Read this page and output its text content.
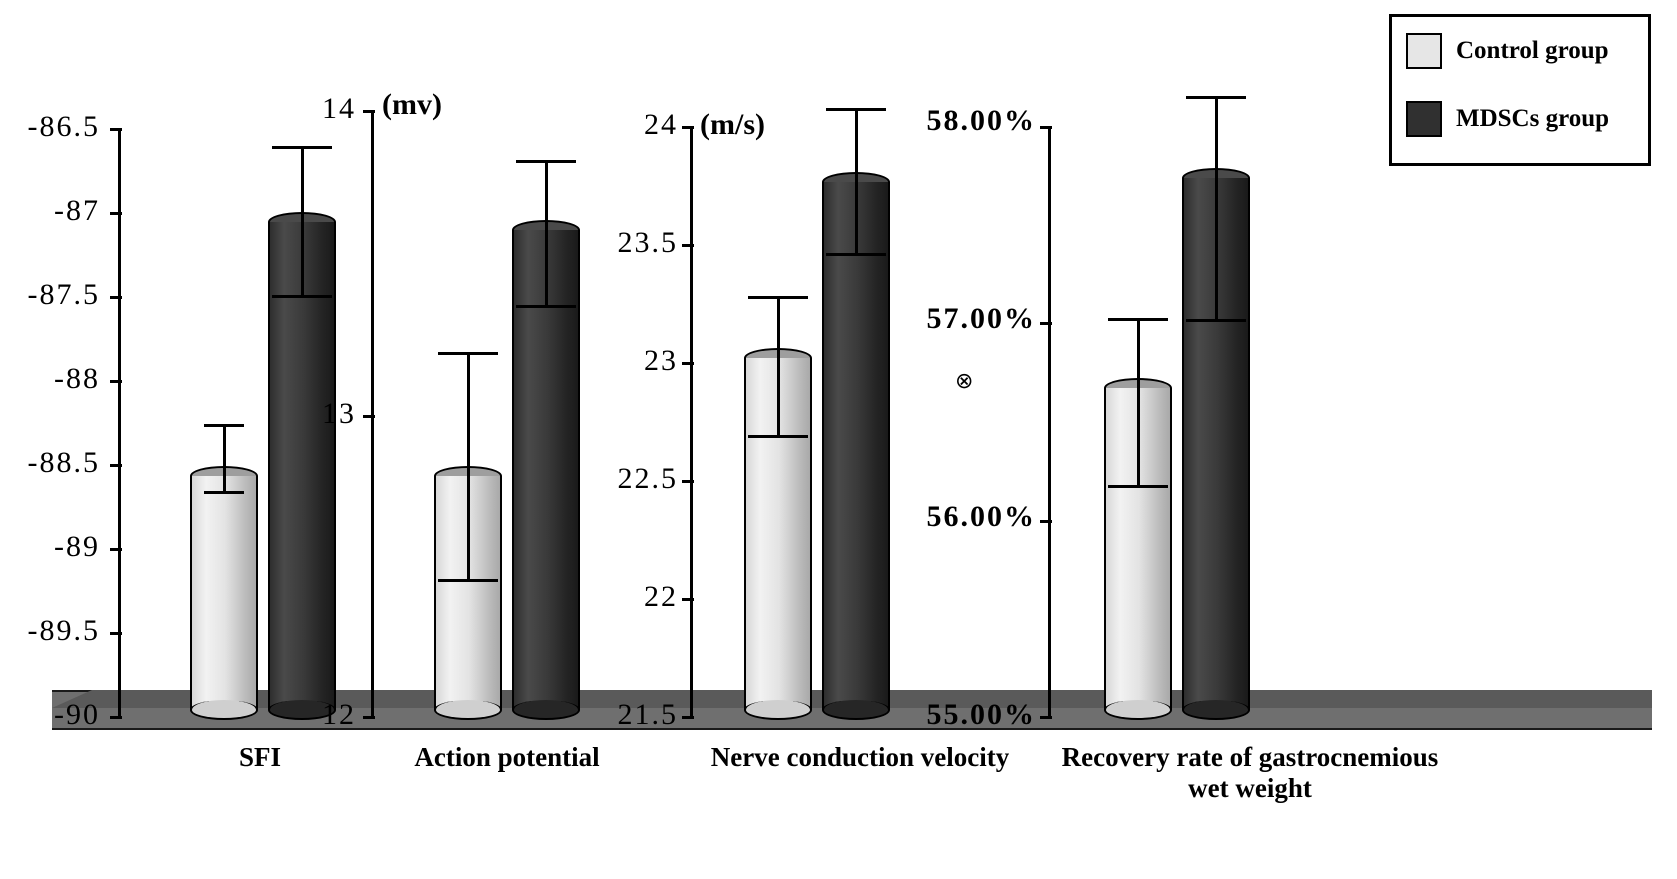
Control group
MDSCs group
-86.5
-87
-87.5
-88
-88.5
-89
-89.5
-90
SFI
14
13
12
(mv)
Action potential
24
23.5
23
22.5
22
21.5
(m/s)
⊗
Nerve conduction velocity
58.00%
57.00%
56.00%
55.00%
Recovery rate of gastrocnemious wet weight
